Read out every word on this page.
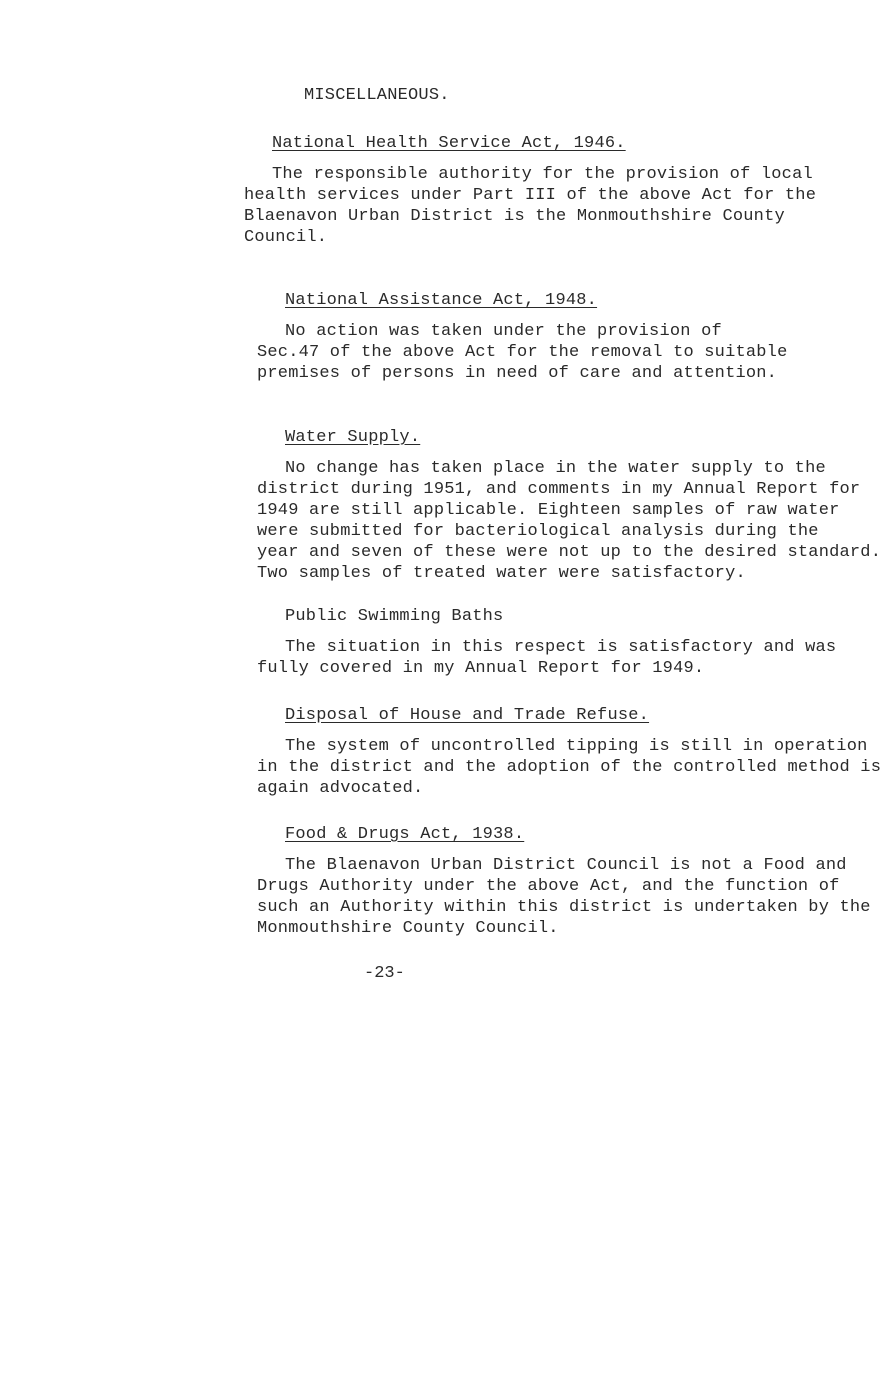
MISCELLANEOUS.
National Health Service Act, 1946.
The responsible authority for the provision of local
health services under Part III of the above Act for the
Blaenavon Urban District is the Monmouthshire County
Council.
National Assistance Act, 1948.
No action was taken under the provision of
Sec.47 of the above Act for the removal to suitable
premises of persons in need of care and attention.
Water Supply.
No change has taken place in the water supply to the
district during 1951, and comments in my Annual Report for
1949 are still applicable. Eighteen samples of raw water
were submitted for bacteriological analysis during the
year and seven of these were not up to the desired standard.
Two samples of treated water were satisfactory.
Public Swimming Baths
The situation in this respect is satisfactory and was
fully covered in my Annual Report for 1949.
Disposal of House and Trade Refuse.
The system of uncontrolled tipping is still in operation
in the district and the adoption of the controlled method is
again advocated.
Food & Drugs Act, 1938.
The Blaenavon Urban District Council is not a Food and
Drugs Authority under the above Act, and the function of
such an Authority within this district is undertaken by the
Monmouthshire County Council.
-23-
